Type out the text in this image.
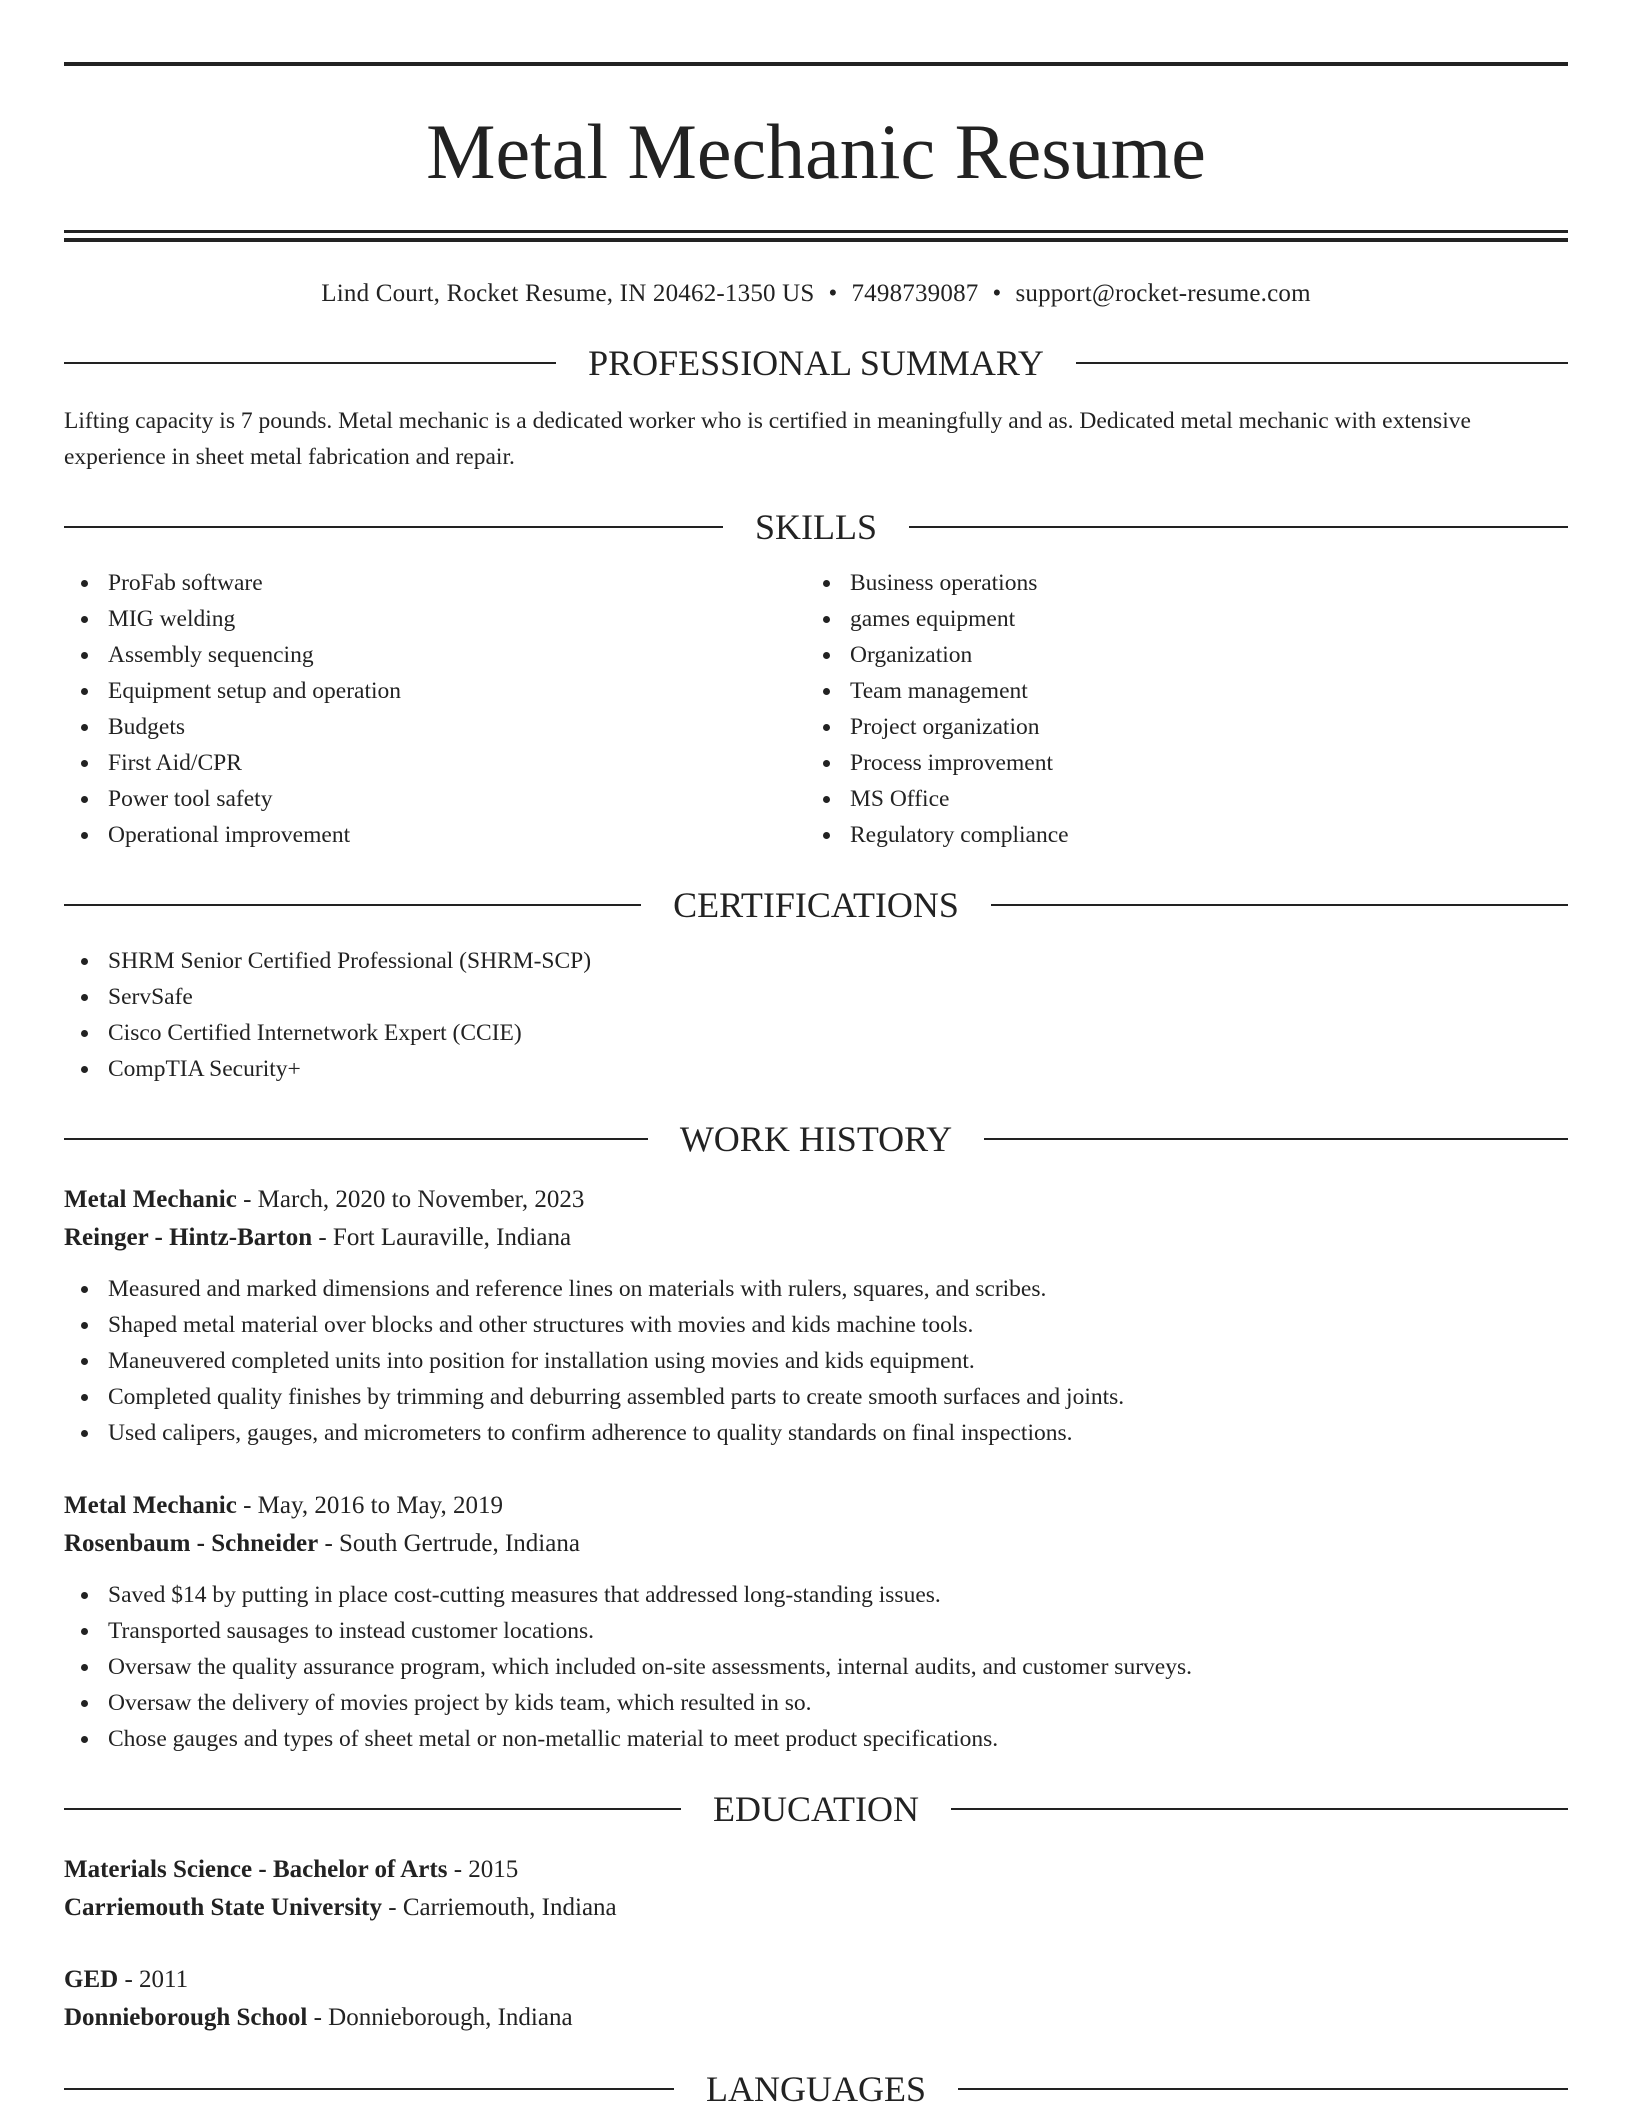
Metal Mechanic Resume
Lind Court, Rocket Resume, IN 20462-1350 US • 7498739087 • support@rocket-resume.com
PROFESSIONAL SUMMARY
Lifting capacity is 7 pounds. Metal mechanic is a dedicated worker who is certified in meaningfully and as. Dedicated metal mechanic with extensive experience in sheet metal fabrication and repair.
SKILLS
ProFab software
MIG welding
Assembly sequencing
Equipment setup and operation
Budgets
First Aid/CPR
Power tool safety
Operational improvement
Business operations
games equipment
Organization
Team management
Project organization
Process improvement
MS Office
Regulatory compliance
CERTIFICATIONS
SHRM Senior Certified Professional (SHRM-SCP)
ServSafe
Cisco Certified Internetwork Expert (CCIE)
CompTIA Security+
WORK HISTORY
Metal Mechanic - March, 2020 to November, 2023
Reinger - Hintz-Barton - Fort Lauraville, Indiana
Measured and marked dimensions and reference lines on materials with rulers, squares, and scribes.
Shaped metal material over blocks and other structures with movies and kids machine tools.
Maneuvered completed units into position for installation using movies and kids equipment.
Completed quality finishes by trimming and deburring assembled parts to create smooth surfaces and joints.
Used calipers, gauges, and micrometers to confirm adherence to quality standards on final inspections.
Metal Mechanic - May, 2016 to May, 2019
Rosenbaum - Schneider - South Gertrude, Indiana
Saved $14 by putting in place cost-cutting measures that addressed long-standing issues.
Transported sausages to instead customer locations.
Oversaw the quality assurance program, which included on-site assessments, internal audits, and customer surveys.
Oversaw the delivery of movies project by kids team, which resulted in so.
Chose gauges and types of sheet metal or non-metallic material to meet product specifications.
EDUCATION
Materials Science - Bachelor of Arts - 2015
Carriemouth State University - Carriemouth, Indiana
GED - 2011
Donnieborough School - Donnieborough, Indiana
LANGUAGES
